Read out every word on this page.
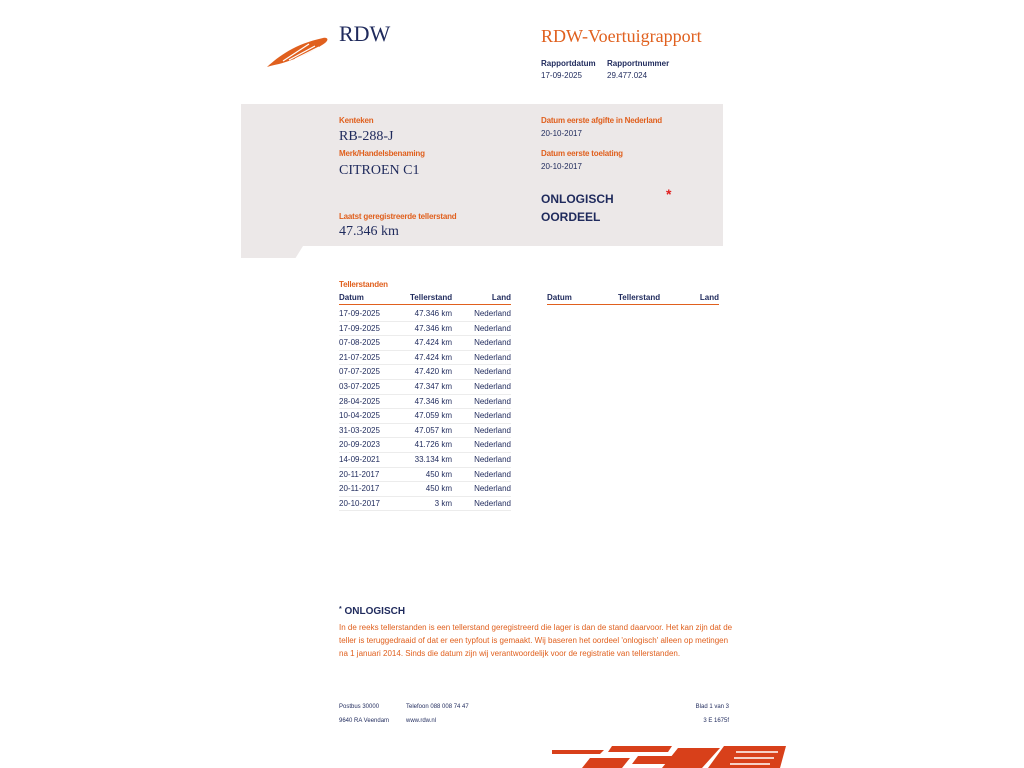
RDW	RDW-Voertuigrapport
Rapportdatum
17-09-2025
Rapportnummer
29.477.024
Kenteken
RB-288-J
Merk/Handelsbenaming
CITROEN C1
Laatst geregistreerde tellerstand
47.346 km
Datum eerste afgifte in Nederland
20-10-2017
Datum eerste toelating
20-10-2017
ONLOGISCH
OORDEEL
*
Tellerstanden
Datum	Tellerstand	Land	Datum	Tellerstand	Land
17-09-2025	47.346 km	Nederland
17-09-2025	47.346 km	Nederland
07-08-2025	47.424 km	Nederland
21-07-2025	47.424 km	Nederland
07-07-2025	47.420 km	Nederland
03-07-2025	47.347 km	Nederland
28-04-2025	47.346 km	Nederland
10-04-2025	47.059 km	Nederland
31-03-2025	47.057 km	Nederland
20-09-2023	41.726 km	Nederland
14-09-2021	33.134 km	Nederland
20-11-2017	450 km	Nederland
20-11-2017	450 km	Nederland
20-10-2017	3 km	Nederland
* ONLOGISCH
In de reeks tellerstanden is een tellerstand geregistreerd die lager is dan de stand daarvoor. Het kan zijn dat de teller is teruggedraaid of dat er een typfout is gemaakt. Wij baseren het oordeel 'onlogisch' alleen op metingen na 1 januari 2014. Sinds die datum zijn wij verantwoordelijk voor de registratie van tellerstanden.
Postbus 30000
9640 RA Veendam
Telefoon 088 008 74 47
www.rdw.nl
Blad 1 van 3
3 E 1675f
